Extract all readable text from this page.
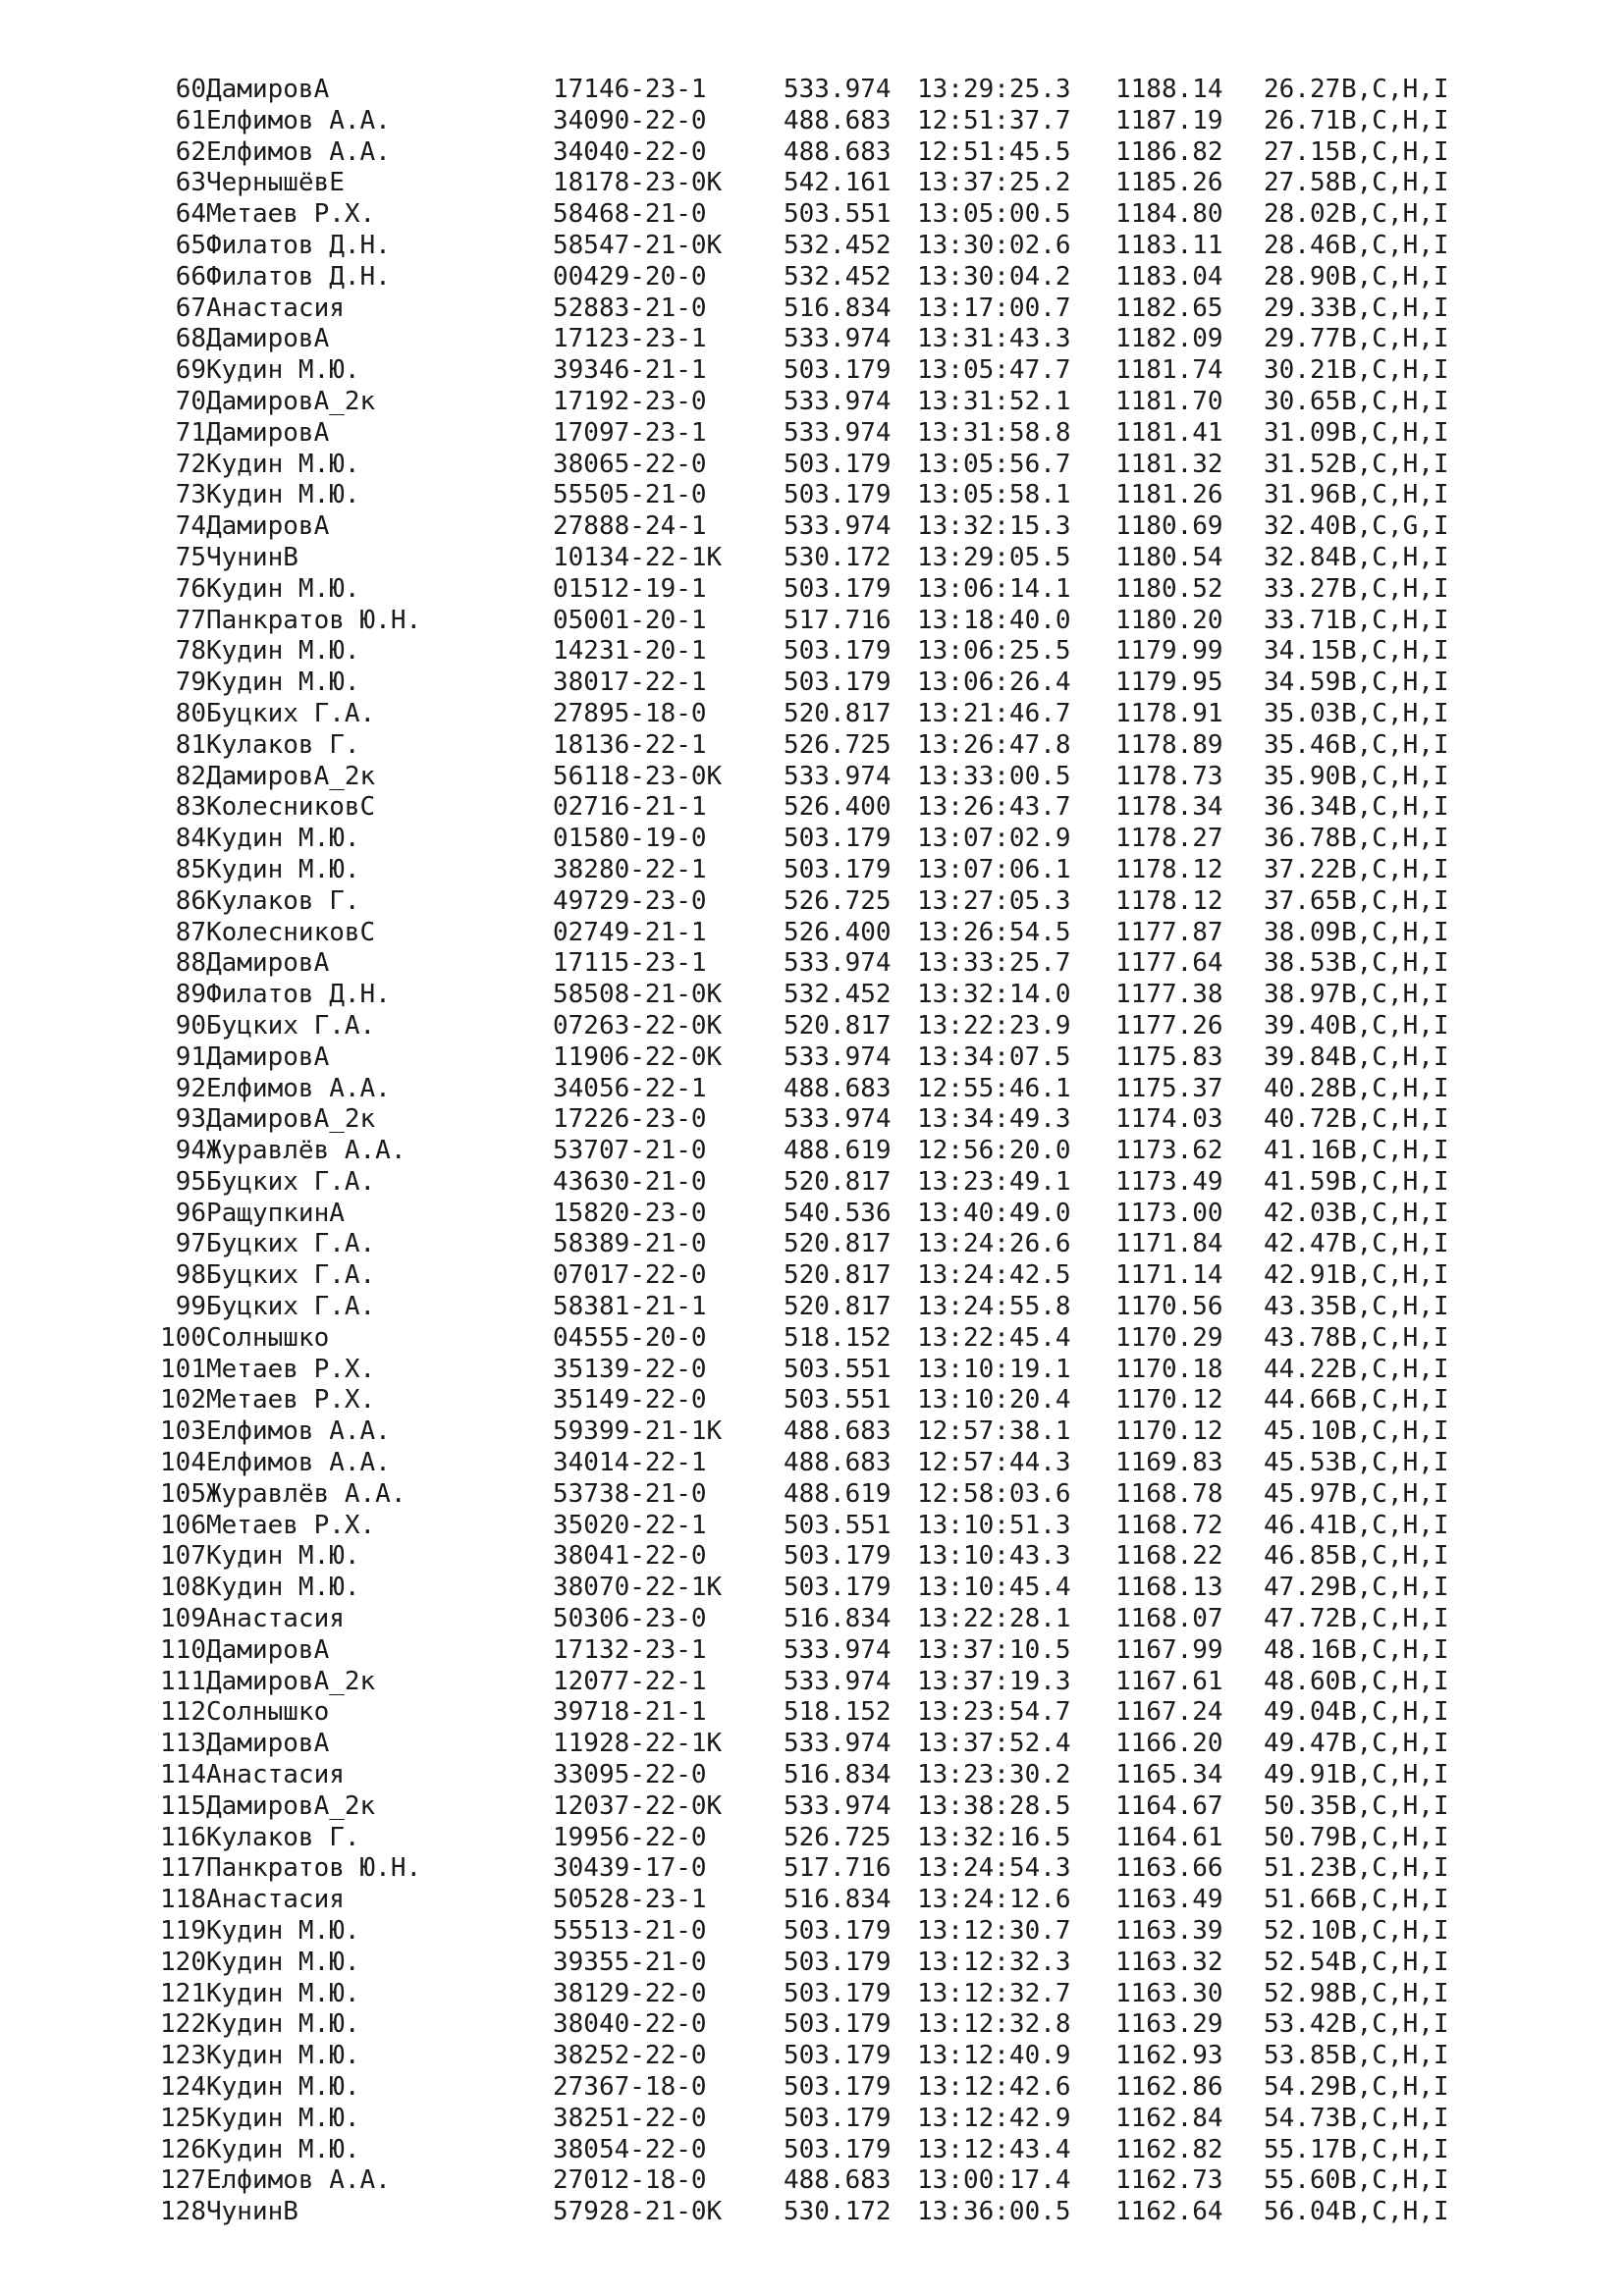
60 ДамировА	17146-23-1	533.974 13:29:25.3 1188.14 26.27 B,C,H,I
61 Елфимов А.А.	34090-22-0	488.683 12:51:37.7 1187.19 26.71 B,C,H,I
62 Елфимов А.А.	34040-22-0	488.683 12:51:45.5 1186.82 27.15 B,C,H,I
63 ЧернышёвЕ	18178-23-0K 542.161 13:37:25.2 1185.26 27.58 B,C,H,I
64 Метаев Р.Х.	58468-21-0	503.551 13:05:00.5 1184.80 28.02 B,C,H,I
65 Филатов Д.Н.	58547-21-0K 532.452 13:30:02.6 1183.11 28.46 B,C,H,I
66 Филатов Д.Н.	00429-20-0	532.452 13:30:04.2 1183.04 28.90 B,C,H,I
67 Анастасия	52883-21-0	516.834 13:17:00.7 1182.65 29.33 B,C,H,I
68 ДамировА	17123-23-1	533.974 13:31:43.3 1182.09 29.77 B,C,H,I
69 Кудин М.Ю.	39346-21-1	503.179 13:05:47.7 1181.74 30.21 B,C,H,I
70 ДамировА_2к	17192-23-0	533.974 13:31:52.1 1181.70 30.65 B,C,H,I
71 ДамировА	17097-23-1	533.974 13:31:58.8 1181.41 31.09 B,C,H,I
72 Кудин М.Ю.	38065-22-0	503.179 13:05:56.7 1181.32 31.52 B,C,H,I
73 Кудин М.Ю.	55505-21-0	503.179 13:05:58.1 1181.26 31.96 B,C,H,I
74 ДамировА	27888-24-1	533.974 13:32:15.3 1180.69 32.40 B,C,G,I
75 ЧунинВ	10134-22-1K 530.172 13:29:05.5 1180.54 32.84 B,C,H,I
76 Кудин М.Ю.	01512-19-1	503.179 13:06:14.1 1180.52 33.27 B,C,H,I
77 Панкратов Ю.Н.	05001-20-1	517.716 13:18:40.0 1180.20 33.71 B,C,H,I
78 Кудин М.Ю.	14231-20-1	503.179 13:06:25.5 1179.99 34.15 B,C,H,I
79 Кудин М.Ю.	38017-22-1	503.179 13:06:26.4 1179.95 34.59 B,C,H,I
80 Буцких Г.А.	27895-18-0	520.817 13:21:46.7 1178.91 35.03 B,C,H,I
81 Кулаков Г.	18136-22-1	526.725 13:26:47.8 1178.89 35.46 B,C,H,I
82 ДамировА_2к	56118-23-0K 533.974 13:33:00.5 1178.73 35.90 B,C,H,I
83 КолесниковС	02716-21-1	526.400 13:26:43.7 1178.34 36.34 B,C,H,I
84 Кудин М.Ю.	01580-19-0	503.179 13:07:02.9 1178.27 36.78 B,C,H,I
85 Кудин М.Ю.	38280-22-1	503.179 13:07:06.1 1178.12 37.22 B,C,H,I
86 Кулаков Г.	49729-23-0	526.725 13:27:05.3 1178.12 37.65 B,C,H,I
87 КолесниковС	02749-21-1	526.400 13:26:54.5 1177.87 38.09 B,C,H,I
88 ДамировА	17115-23-1	533.974 13:33:25.7 1177.64 38.53 B,C,H,I
89 Филатов Д.Н.	58508-21-0K 532.452 13:32:14.0 1177.38 38.97 B,C,H,I
90 Буцких Г.А.	07263-22-0K 520.817 13:22:23.9 1177.26 39.40 B,C,H,I
91 ДамировА	11906-22-0K 533.974 13:34:07.5 1175.83 39.84 B,C,H,I
92 Елфимов А.А.	34056-22-1	488.683 12:55:46.1 1175.37 40.28 B,C,H,I
93 ДамировА_2к	17226-23-0	533.974 13:34:49.3 1174.03 40.72 B,C,H,I
94 Журавлёв А.А.	53707-21-0	488.619 12:56:20.0 1173.62 41.16 B,C,H,I
95 Буцких Г.А.	43630-21-0	520.817 13:23:49.1 1173.49 41.59 B,C,H,I
96 РащупкинА	15820-23-0	540.536 13:40:49.0 1173.00 42.03 B,C,H,I
97 Буцких Г.А.	58389-21-0	520.817 13:24:26.6 1171.84 42.47 B,C,H,I
98 Буцких Г.А.	07017-22-0	520.817 13:24:42.5 1171.14 42.91 B,C,H,I
99 Буцких Г.А.	58381-21-1	520.817 13:24:55.8 1170.56 43.35 B,C,H,I
100 Солнышко	04555-20-0	518.152 13:22:45.4 1170.29 43.78 B,C,H,I
101 Метаев Р.Х.	35139-22-0	503.551 13:10:19.1 1170.18 44.22 B,C,H,I
102 Метаев Р.Х.	35149-22-0	503.551 13:10:20.4 1170.12 44.66 B,C,H,I
103 Елфимов А.А.	59399-21-1K 488.683 12:57:38.1 1170.12 45.10 B,C,H,I
104 Елфимов А.А.	34014-22-1	488.683 12:57:44.3 1169.83 45.53 B,C,H,I
105 Журавлёв А.А.	53738-21-0	488.619 12:58:03.6 1168.78 45.97 B,C,H,I
106 Метаев Р.Х.	35020-22-1	503.551 13:10:51.3 1168.72 46.41 B,C,H,I
107 Кудин М.Ю.	38041-22-0	503.179 13:10:43.3 1168.22 46.85 B,C,H,I
108 Кудин М.Ю.	38070-22-1K 503.179 13:10:45.4 1168.13 47.29 B,C,H,I
109 Анастасия	50306-23-0	516.834 13:22:28.1 1168.07 47.72 B,C,H,I
110 ДамировА	17132-23-1	533.974 13:37:10.5 1167.99 48.16 B,C,H,I
111 ДамировА_2к	12077-22-1	533.974 13:37:19.3 1167.61 48.60 B,C,H,I
112 Солнышко	39718-21-1	518.152 13:23:54.7 1167.24 49.04 B,C,H,I
113 ДамировА	11928-22-1K 533.974 13:37:52.4 1166.20 49.47 B,C,H,I
114 Анастасия	33095-22-0	516.834 13:23:30.2 1165.34 49.91 B,C,H,I
115 ДамировА_2к	12037-22-0K 533.974 13:38:28.5 1164.67 50.35 B,C,H,I
116 Кулаков Г.	19956-22-0	526.725 13:32:16.5 1164.61 50.79 B,C,H,I
117 Панкратов Ю.Н.	30439-17-0	517.716 13:24:54.3 1163.66 51.23 B,C,H,I
118 Анастасия	50528-23-1	516.834 13:24:12.6 1163.49 51.66 B,C,H,I
119 Кудин М.Ю.	55513-21-0	503.179 13:12:30.7 1163.39 52.10 B,C,H,I
120 Кудин М.Ю.	39355-21-0	503.179 13:12:32.3 1163.32 52.54 B,C,H,I
121 Кудин М.Ю.	38129-22-0	503.179 13:12:32.7 1163.30 52.98 B,C,H,I
122 Кудин М.Ю.	38040-22-0	503.179 13:12:32.8 1163.29 53.42 B,C,H,I
123 Кудин М.Ю.	38252-22-0	503.179 13:12:40.9 1162.93 53.85 B,C,H,I
124 Кудин М.Ю.	27367-18-0	503.179 13:12:42.6 1162.86 54.29 B,C,H,I
125 Кудин М.Ю.	38251-22-0	503.179 13:12:42.9 1162.84 54.73 B,C,H,I
126 Кудин М.Ю.	38054-22-0	503.179 13:12:43.4 1162.82 55.17 B,C,H,I
127 Елфимов А.А.	27012-18-0	488.683 13:00:17.4 1162.73 55.60 B,C,H,I
128 ЧунинВ	57928-21-0K 530.172 13:36:00.5 1162.64 56.04 B,C,H,I
